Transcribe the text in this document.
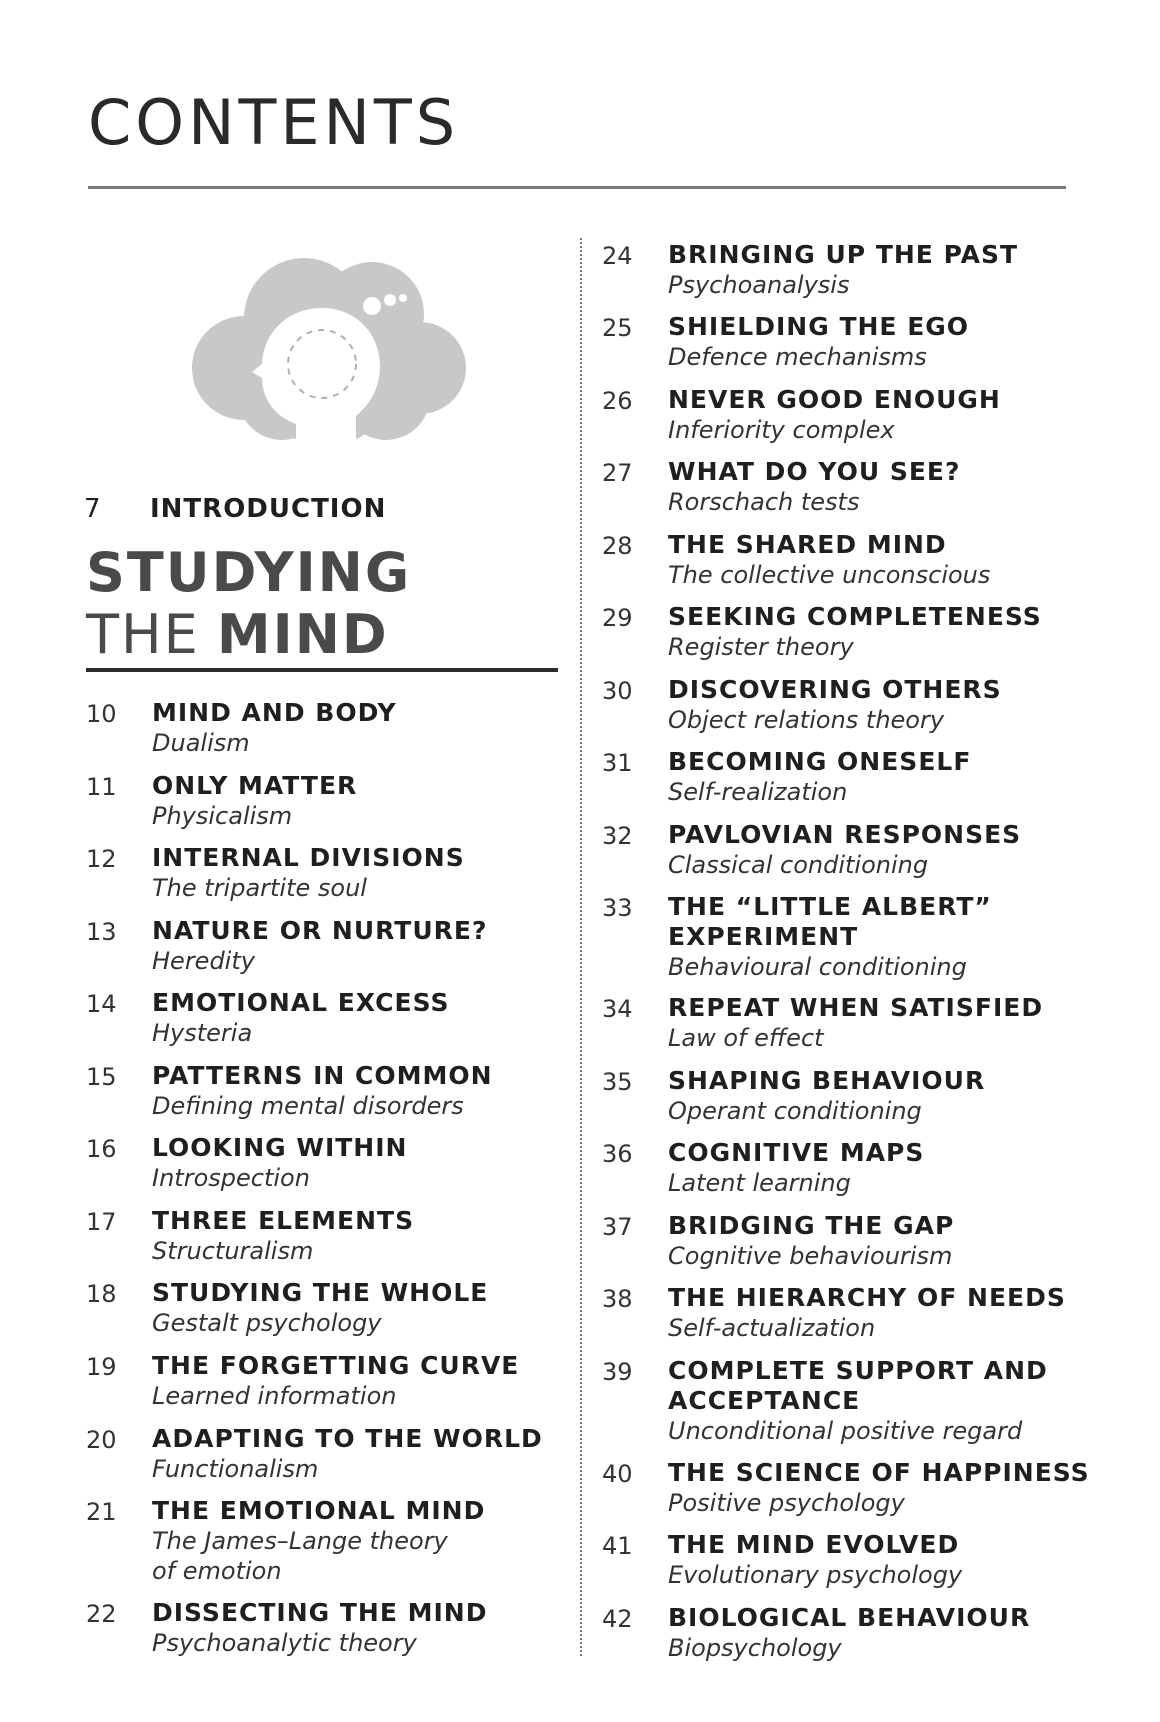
CONTENTS
7 INTRODUCTION
STUDYING
THE MIND
10 MIND AND BODY
Dualism
11 ONLY MATTER
Physicalism
12 INTERNAL DIVISIONS
The tripartite soul
13 NATURE OR NURTURE?
Heredity
14 EMOTIONAL EXCESS
Hysteria
15 PATTERNS IN COMMON
Defining mental disorders
16 LOOKING WITHIN
Introspection
17 THREE ELEMENTS
Structuralism
18 STUDYING THE WHOLE
Gestalt psychology
19 THE FORGETTING CURVE
Learned information
20 ADAPTING TO THE WORLD
Functionalism
21 THE EMOTIONAL MIND
The James–Lange theory
of emotion
22 DISSECTING THE MIND
Psychoanalytic theory
24 BRINGING UP THE PAST
Psychoanalysis
25 SHIELDING THE EGO
Defence mechanisms
26 NEVER GOOD ENOUGH
Inferiority complex
27 WHAT DO YOU SEE?
Rorschach tests
28 THE SHARED MIND
The collective unconscious
29 SEEKING COMPLETENESS
Register theory
30 DISCOVERING OTHERS
Object relations theory
31 BECOMING ONESELF
Self-realization
32 PAVLOVIAN RESPONSES
Classical conditioning
33 THE “LITTLE ALBERT”
EXPERIMENT
Behavioural conditioning
34 REPEAT WHEN SATISFIED
Law of effect
35 SHAPING BEHAVIOUR
Operant conditioning
36 COGNITIVE MAPS
Latent learning
37 BRIDGING THE GAP
Cognitive behaviourism
38 THE HIERARCHY OF NEEDS
Self-actualization
39 COMPLETE SUPPORT AND
ACCEPTANCE
Unconditional positive regard
40 THE SCIENCE OF HAPPINESS
Positive psychology
41 THE MIND EVOLVED
Evolutionary psychology
42 BIOLOGICAL BEHAVIOUR
Biopsychology
